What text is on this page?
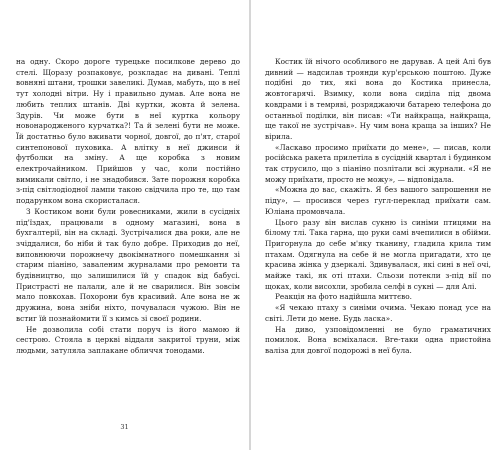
на одну. Скоро дороге турецьке посилкове дерево до стелі. Щоразу розпаковує, розкладає на дивані. Теплі вовняні штани, трошки завеликі. Думав, мабуть, що в неї тут холодні вітри. Ну і правильно думав. Але вона не любить теплих штанів. Дві куртки, жовта й зелена. Здурів. Чи може бути в неї куртка кольору новонародженого курчатка?! Та й зелені бути не може. Їй достатньо було вживати чорної, довгої, до п'ят, старої синтепонової пуховика. А влітку в неї джинси й футболки на зміну. А ще коробка з новим електрочайником. Прийшов у час, коли постійно вимикали світло, і не знадобився. Зате порожня коробка з-під світлодіодної лампи такою свідчила про те, що там подарунком вона скористалася.

З Костиком вони були ровесниками, жили в сусідніх під'їздах, працювали в одному магазині, вона в бухгалтерії, він на складі. Зустрічалися два роки, але не зчіддалися, бо ніби й так було добре. Приходив до неї, виповнюючи порожнечу двокімнатного помешкання зі старим піаніно, заваленим журналами про ремонти та будівництво, що залишилися їй у спадок від бабусі. Пристрасті не палали, але й не сварилися. Він зовсім мало повкохав. Похорони був красивий. Але вона не ж дружина, вона зніби ніхто, почувалася чужою. Він не встиг їй познайомити її з кимсь зі своєї родини.

Не дозволила собі стати поруч із його мамою й сестрою. Стояла в церкві віддаля закритої труни, між людьми, затуляла заплакане обличчя тонодами.

31

Костик їй нічого особливого не дарував. А цей Алі був дивний — надсилав троянди кур'єрською поштою. Дуже подібні до тих, які вона до Костика принесла, жовтогарячі. Взимку, коли вона сиділа під двома ковдрами і в темряві, розряджаючи батарею телефона до останньої поділки, він писав: «Ти найкраща, найкраща, ще такої не зустрічав». Ну чим вона краща за інших? Не вірила.

«Ласкаво просимо приїхати до мене», — писав, коли російська ракета прилетіла в сусідній квартал і будинком так струсило, що з піаніно позлітали всі журнали. «Я не можу приїхати, просто не можу», — відповідала.

«Можна до вас, скажіть. Я без вашого запрошення не піду», — просився через гугл-переклад приїхати сам. Юліана промовчала.

Цього разу він вислав сукню із синіми птицями на білому тлі. Така гарна, що руки самі вчепилися в обійми. Пригорнула до себе м'яку тканину, гладила крила тим птахам. Одягнула на себе й не могла пригадати, хто це красива жінка у дзеркалі. Здивувалася, які сині в неї очі, майже такі, як оті птахи. Сльози потекли з-під вії по щоках, коли висохли, зробила селфі в сукні — для Алі.

Реакція на фото надійшла миттєво.

«Я чекаю птаху з синіми очима. Чекаю понад усе на світі. Лети до мене. Будь ласка».

На диво, узповідомленні не було граматичних помилок. Вона всміхалася. Вге-таки одна пристойна валіза для довгої подорожі в неї була.
